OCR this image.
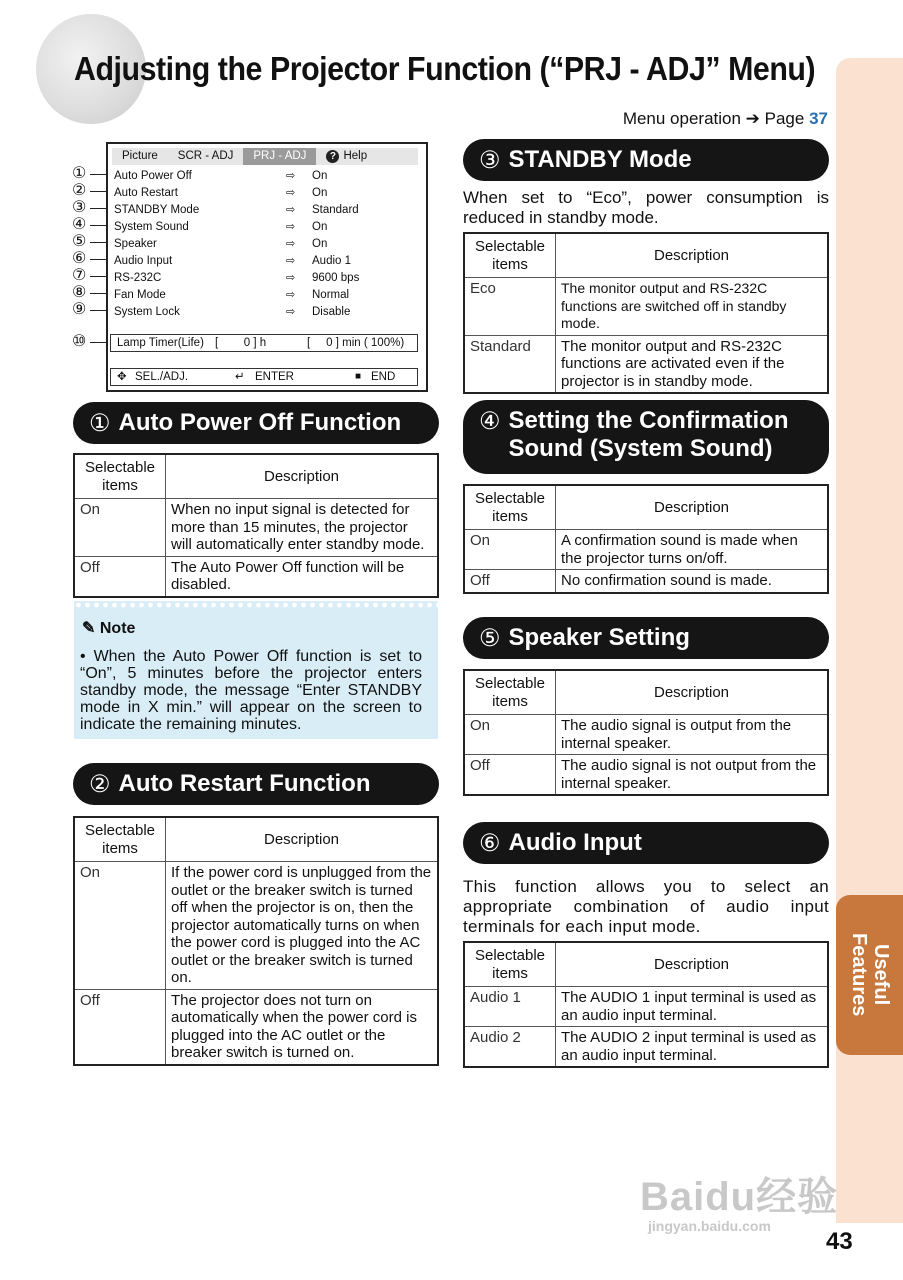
Adjusting the Projector Function (“PRJ - ADJ” Menu)
Menu operation ➔ Page 37
Useful Features
Picture	SCR - ADJ	PRJ - ADJ	? Help
Auto Power Off	⇨ On
Auto Restart	⇨ On
STANDBY Mode	⇨ Standard
System Sound	⇨ On
Speaker	⇨ On
Audio Input	⇨ Audio 1
RS-232C	⇨ 9600 bps
Fan Mode	⇨ Normal
System Lock	⇨ Disable
Lamp Timer(Life) [        0 ] h	[     0 ] min ( 100%)
✥ SEL./ADJ.	↵ ENTER	■ END
①
②
③
④
⑤
⑥
⑦
⑧
⑨
⑩
① Auto Power Off Function
Selectable items	Description
On	When no input signal is detected for more than 15 minutes, the projector will automatically enter standby mode.
Off	The Auto Power Off function will be disabled.
✎ Note
• When the Auto Power Off function is set to “On”, 5 minutes before the projector enters standby mode, the message “Enter STANDBY mode in X min.” will appear on the screen to indicate the remaining minutes.
② Auto Restart Function
Selectable items	Description
On	If the power cord is unplugged from the outlet or the breaker switch is turned off when the projector is on, then the projector automatically turns on when the power cord is plugged into the AC outlet or the breaker switch is turned on.
Off	The projector does not turn on automatically when the power cord is plugged into the AC outlet or the breaker switch is turned on.
③ STANDBY Mode
When set to “Eco”, power consumption is reduced in standby mode.
Selectable items	Description
Eco	The monitor output and RS-232C functions are switched off in standby mode.
Standard	The monitor output and RS-232C functions are activated even if the projector is in standby mode.
④ Setting the Confirmation
Sound (System Sound)
Selectable items	Description
On	A confirmation sound is made when the projector turns on/off.
Off	No confirmation sound is made.
⑤ Speaker Setting
Selectable items	Description
On	The audio signal is output from the internal speaker.
Off	The audio signal is not output from the internal speaker.
⑥ Audio Input
This function allows you to select an appropriate combination of audio input terminals for each input mode.
Selectable items	Description
Audio 1	The AUDIO 1 input terminal is used as an audio input terminal.
Audio 2	The AUDIO 2 input terminal is used as an audio input terminal.
Baidu经验
jingyan.baidu.com
43
